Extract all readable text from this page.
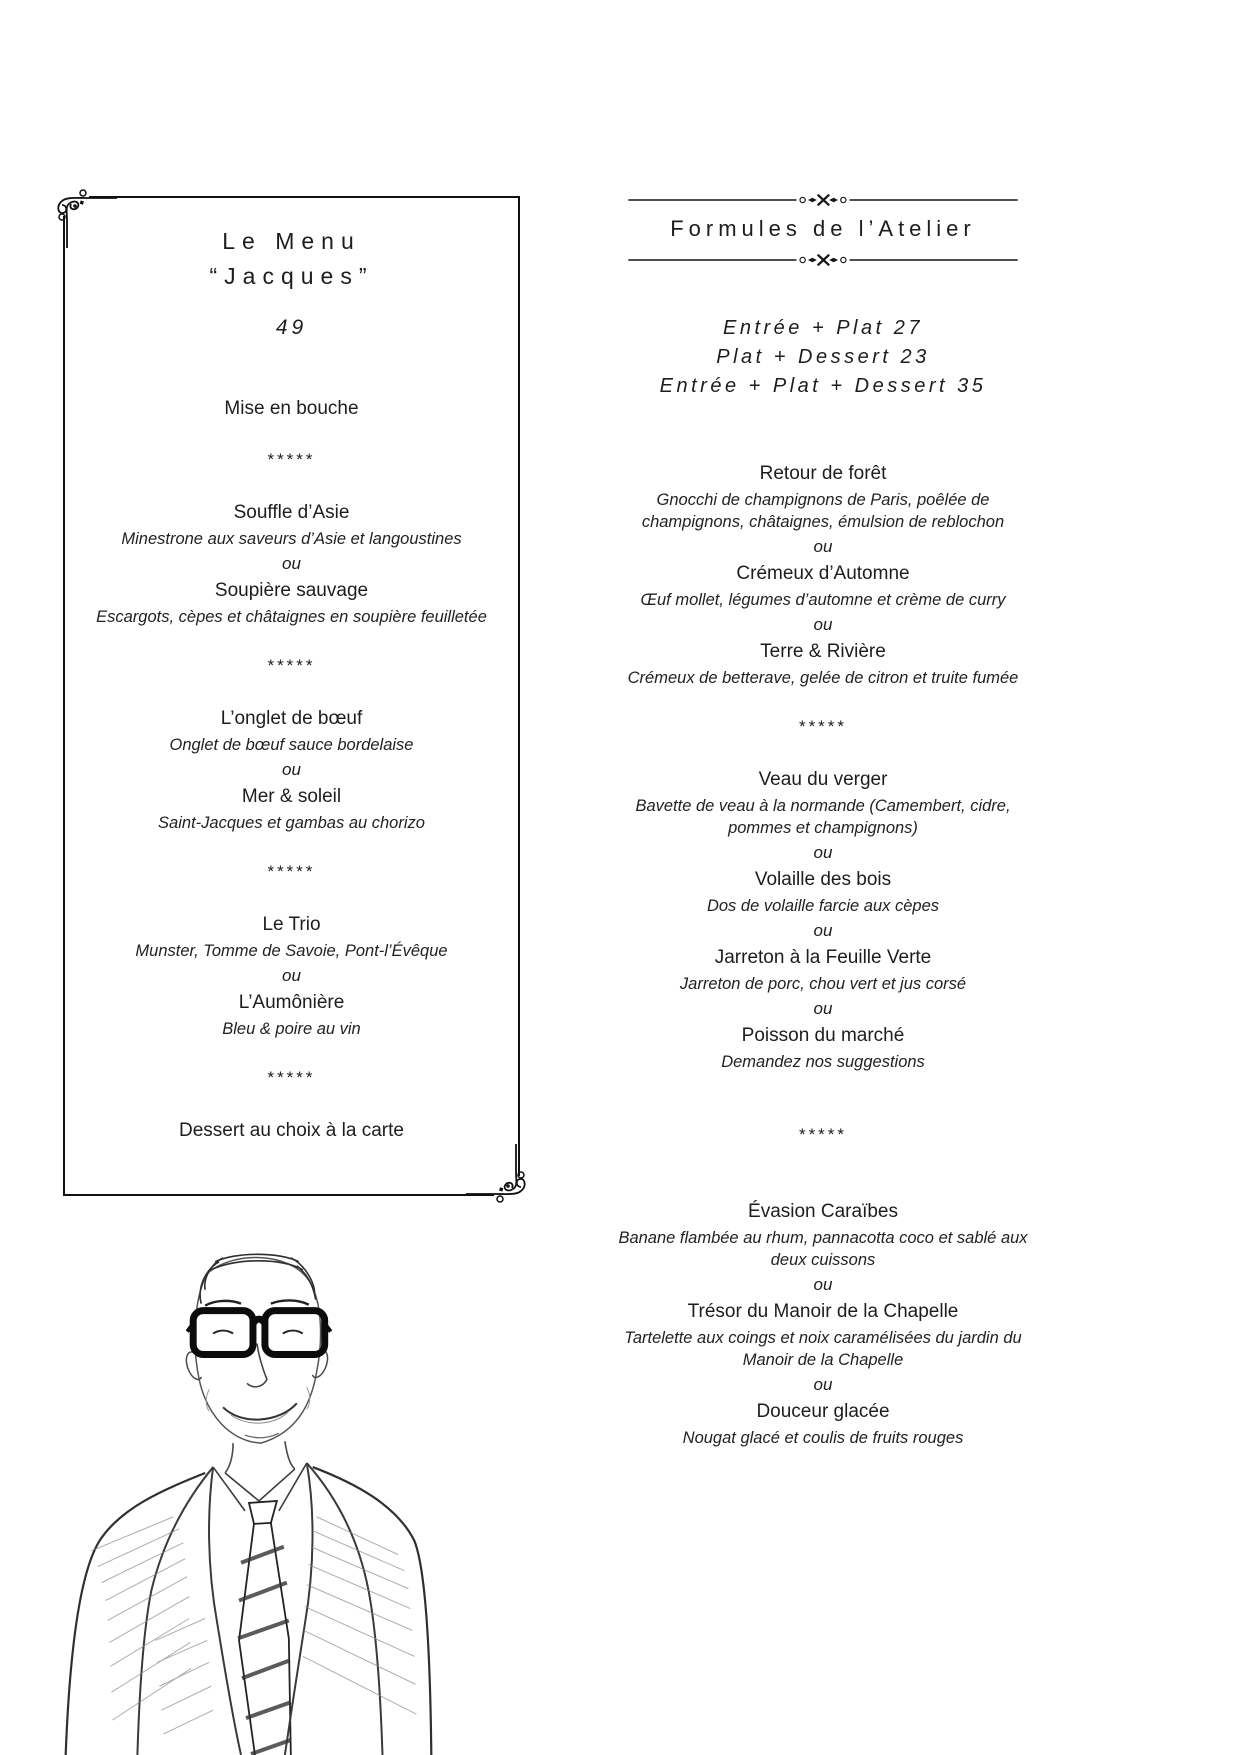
Le Menu
“Jacques”
49
Mise en bouche
*****
Souffle d’Asie
Minestrone aux saveurs d’Asie et langoustines
ou
Soupière sauvage
Escargots, cèpes et châtaignes en soupière feuilletée
*****
L’onglet de bœuf
Onglet de bœuf sauce bordelaise
ou
Mer & soleil
Saint-Jacques et gambas au chorizo
*****
Le Trio
Munster, Tomme de Savoie, Pont-l’Évêque
ou
L’Aumônière
Bleu & poire au vin
*****
Dessert au choix à la carte
Formules de l’Atelier
Entrée + Plat 27
Plat + Dessert 23
Entrée + Plat + Dessert 35
Retour de forêt
Gnocchi de champignons de Paris, poêlée de champignons, châtaignes, émulsion de reblochon
ou
Crémeux d’Automne
Œuf mollet, légumes d’automne et crème de curry
ou
Terre & Rivière
Crémeux de betterave, gelée de citron et truite fumée
*****
Veau du verger
Bavette de veau à la normande (Camembert, cidre, pommes et champignons)
ou
Volaille des bois
Dos de volaille farcie aux cèpes
ou
Jarreton à la Feuille Verte
Jarreton de porc, chou vert et jus corsé
ou
Poisson du marché
Demandez nos suggestions
*****
Évasion Caraïbes
Banane flambée au rhum, pannacotta coco et sablé aux deux cuissons
ou
Trésor du Manoir de la Chapelle
Tartelette aux coings et noix caramélisées du jardin du Manoir de la Chapelle
ou
Douceur glacée
Nougat glacé et coulis de fruits rouges
